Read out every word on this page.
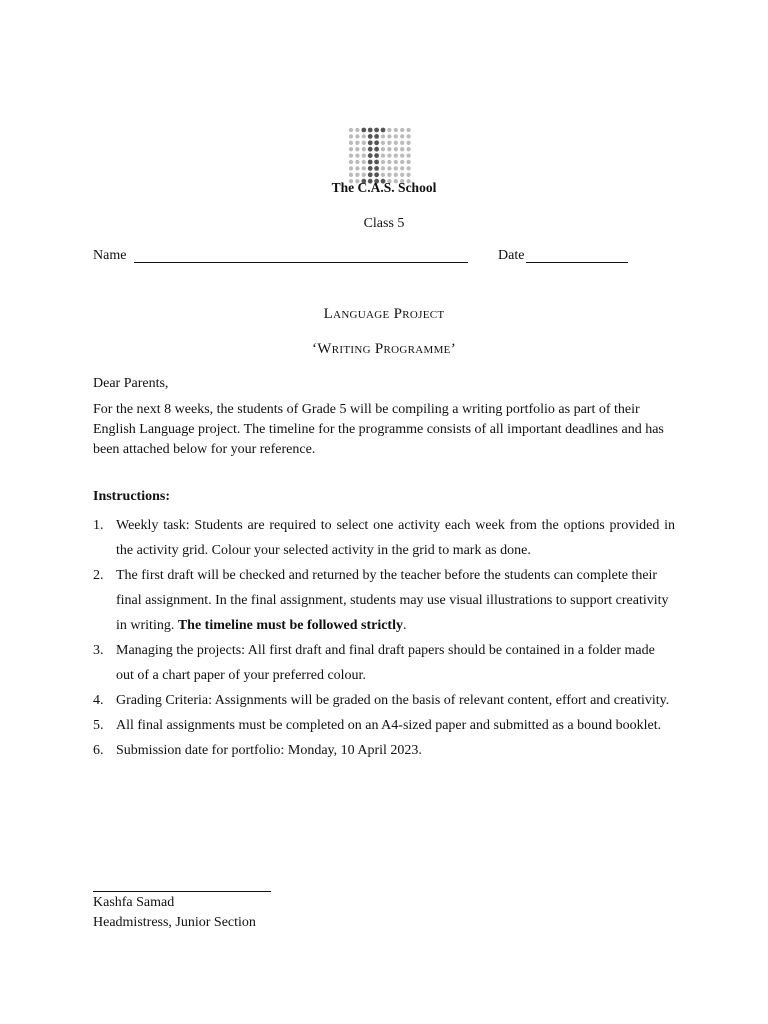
The C.A.S. School
Class 5
Name	Date
Language Project
‘Writing Programme’
Dear Parents,
For the next 8 weeks, the students of Grade 5 will be compiling a writing portfolio as part of their English Language project. The timeline for the programme consists of all important deadlines and has been attached below for your reference.
Instructions:
1. Weekly task: Students are required to select one activity each week from the options provided in the activity grid. Colour your selected activity in the grid to mark as done.
2. The first draft will be checked and returned by the teacher before the students can complete their final assignment. In the final assignment, students may use visual illustrations to support creativity in writing. The timeline must be followed strictly.
3. Managing the projects: All first draft and final draft papers should be contained in a folder made out of a chart paper of your preferred colour.
4. Grading Criteria: Assignments will be graded on the basis of relevant content, effort and creativity.
5. All final assignments must be completed on an A4-sized paper and submitted as a bound booklet.
6. Submission date for portfolio: Monday, 10 April 2023.
Kashfa Samad
Headmistress, Junior Section
